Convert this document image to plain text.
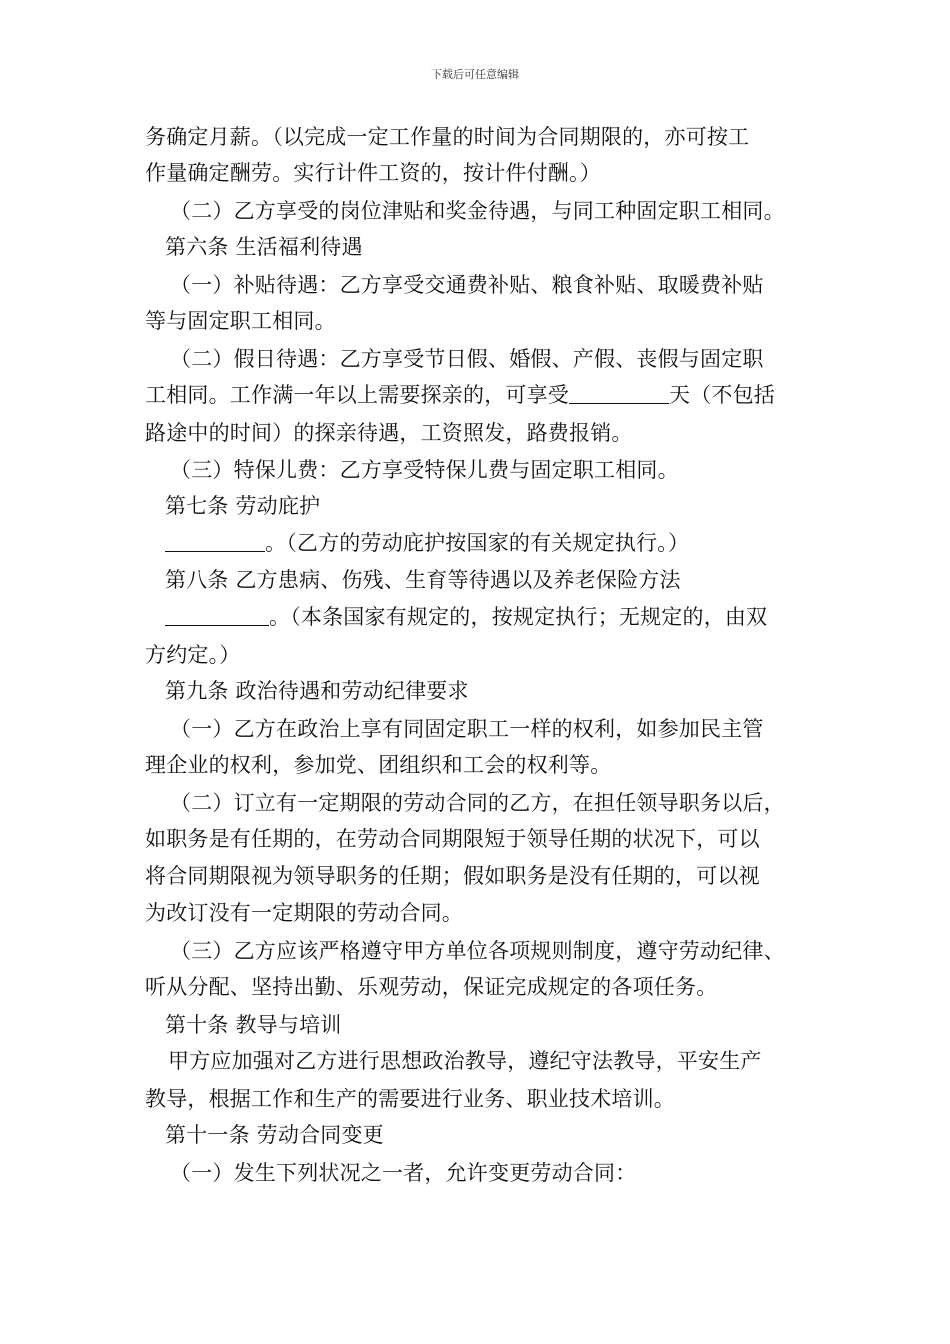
下载后可任意编辑
务确定月薪。（以完成一定工作量的时间为合同期限的，亦可按工
作量确定酬劳。实行计件工资的，按计件付酬。）
（二）乙方享受的岗位津贴和奖金待遇，与同工种固定职工相同。
第六条 生活福利待遇
（一）补贴待遇：乙方享受交通费补贴、粮食补贴、取暖费补贴
等与固定职工相同。
（二）假日待遇：乙方享受节日假、婚假、产假、丧假与固定职
工相同。工作满一年以上需要探亲的，可享受	天（不包括
路途中的时间）的探亲待遇，工资照发，路费报销。
（三）特保儿费：乙方享受特保儿费与固定职工相同。
第七条 劳动庇护
。（乙方的劳动庇护按国家的有关规定执行。）
第八条 乙方患病、伤残、生育等待遇以及养老保险方法
。（本条国家有规定的，按规定执行；无规定的，由双
方约定。）
第九条 政治待遇和劳动纪律要求
（一）乙方在政治上享有同固定职工一样的权利，如参加民主管
理企业的权利，参加党、团组织和工会的权利等。
（二）订立有一定期限的劳动合同的乙方，在担任领导职务以后，
如职务是有任期的，在劳动合同期限短于领导任期的状况下，可以
将合同期限视为领导职务的任期；假如职务是没有任期的，可以视
为改订没有一定期限的劳动合同。
（三）乙方应该严格遵守甲方单位各项规则制度，遵守劳动纪律、
听从分配、坚持出勤、乐观劳动，保证完成规定的各项任务。
第十条 教导与培训
甲方应加强对乙方进行思想政治教导，遵纪守法教导，平安生产
教导，根据工作和生产的需要进行业务、职业技术培训。
第十一条 劳动合同变更
（一）发生下列状况之一者，允许变更劳动合同：
